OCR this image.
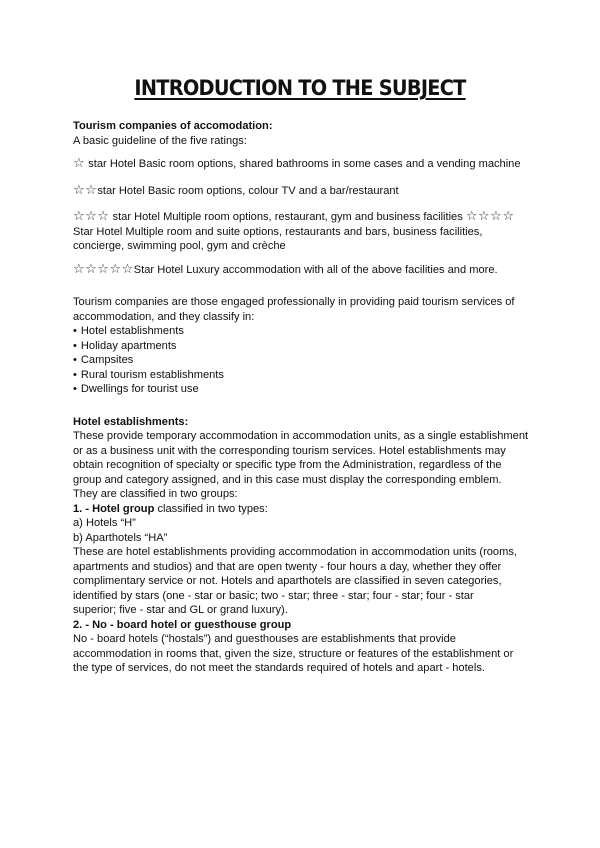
INTRODUCTION TO THE SUBJECT
Tourism companies of accomodation:
A basic guideline of the five ratings:
☆ star Hotel Basic room options, shared bathrooms in some cases and a vending machine
☆☆star Hotel Basic room options, colour TV and a bar/restaurant
☆☆☆ star Hotel Multiple room options, restaurant, gym and business facilities ☆☆☆☆
Star Hotel Multiple room and suite options, restaurants and bars, business facilities,
concierge, swimming pool, gym and crèche
☆☆☆☆☆Star Hotel Luxury accommodation with all of the above facilities and more.
Tourism companies are those engaged professionally in providing paid tourism services of
accommodation, and they classify in:
• Hotel establishments
• Holiday apartments
• Campsites
• Rural tourism establishments
• Dwellings for tourist use
Hotel establishments:
These provide temporary accommodation in accommodation units, as a single establishment
or as a business unit with the corresponding tourism services. Hotel establishments may
obtain recognition of specialty or specific type from the Administration, regardless of the
group and category assigned, and in this case must display the corresponding emblem.
They are classified in two groups:
1. - Hotel group classified in two types:
a) Hotels “H”
b) Aparthotels “HA”
These are hotel establishments providing accommodation in accommodation units (rooms,
apartments and studios) and that are open twenty - four hours a day, whether they offer
complimentary service or not. Hotels and aparthotels are classified in seven categories,
identified by stars (one - star or basic; two - star; three - star; four - star; four - star
superior; five - star and GL or grand luxury).
2. - No - board hotel or guesthouse group
No - board hotels (“hostals”) and guesthouses are establishments that provide
accommodation in rooms that, given the size, structure or features of the establishment or
the type of services, do not meet the standards required of hotels and apart - hotels.
